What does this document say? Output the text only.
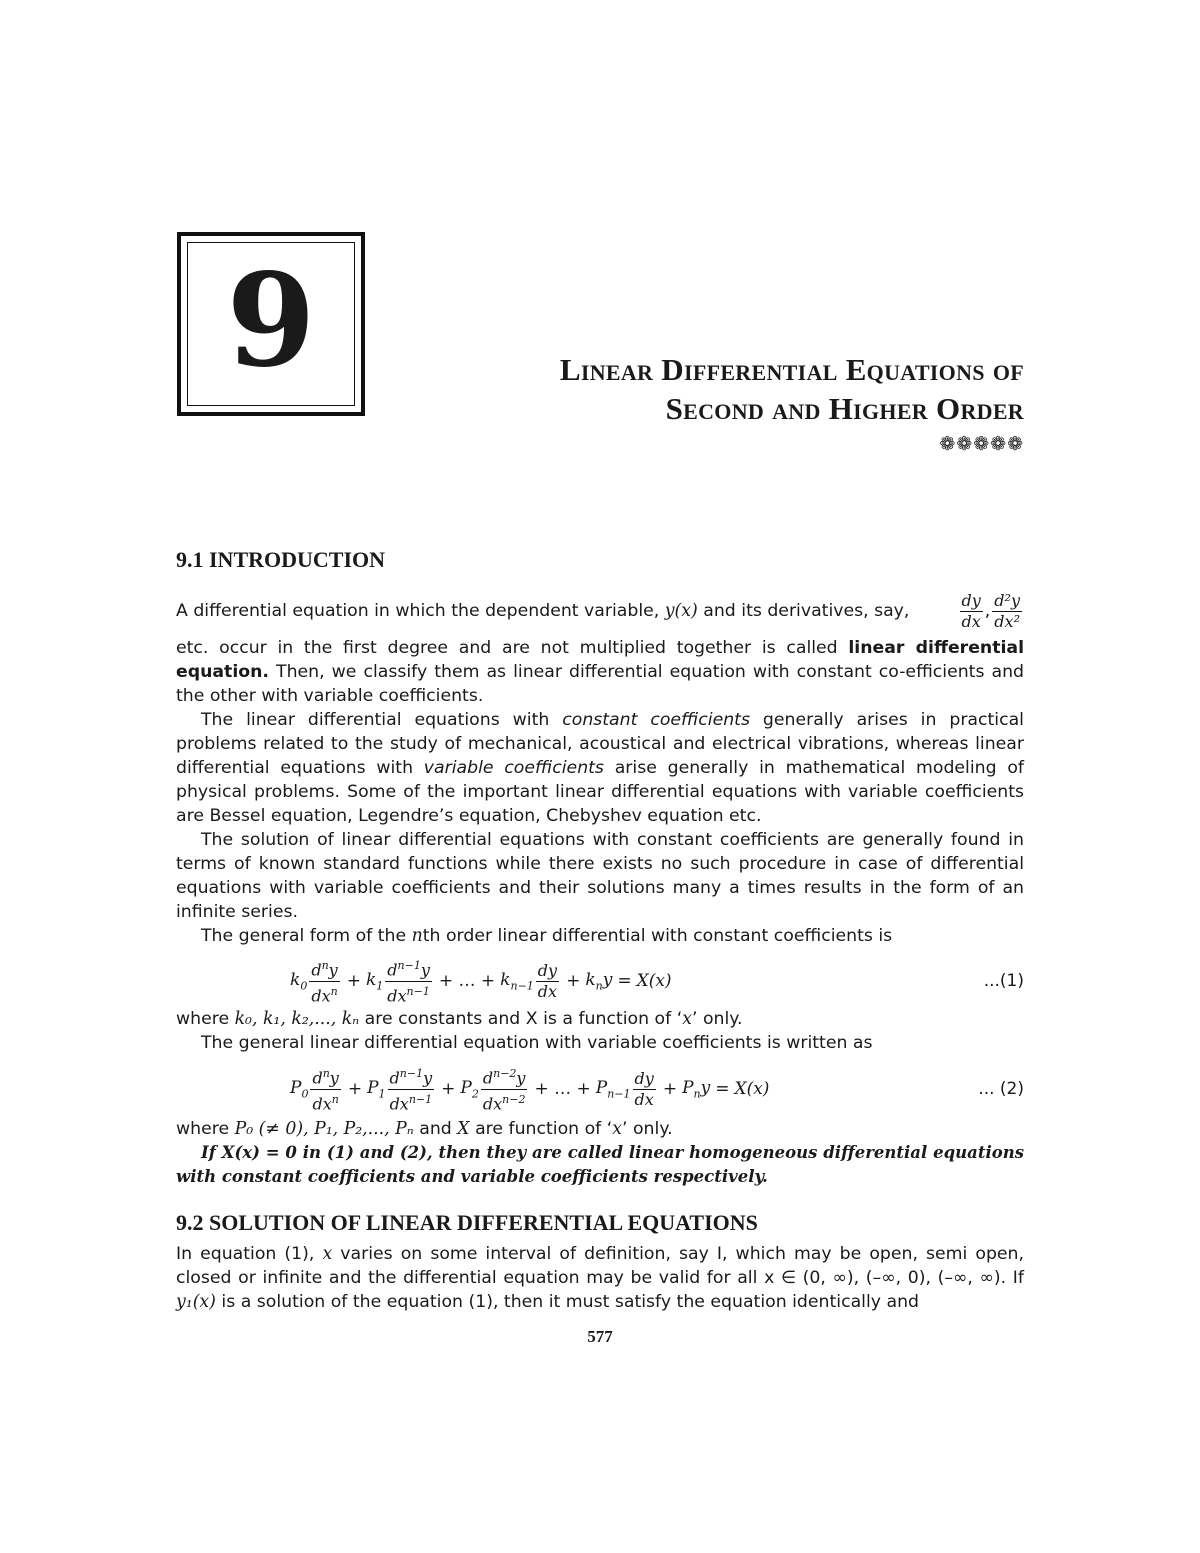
9	Linear Differential Equations of
Second and Higher Order
❁❁❁❁❁
9.1 INTRODUCTION
A differential equation in which the dependent variable, y(x) and its derivatives, say,	$\frac{dy}{dx}$ , $\frac{\text{d²y}}{\text{dx²}}$

etc. occur in the first degree and are not multiplied together is called linear differential equation. Then, we classify them as linear differential equation with constant co-efficients and the other with variable coefficients.

The linear differential equations with constant coefficients generally arises in practical problems related to the study of mechanical, acoustical and electrical vibrations, whereas linear differential equations with variable coefficients arise generally in mathematical modeling of physical problems. Some of the important linear differential equations with variable coefficients are Bessel equation, Legendre’s equation, Chebyshev equation etc.

The solution of linear differential equations with constant coefficients are generally found in terms of known standard functions while there exists no such procedure in case of differential equations with variable coefficients and their solutions many a times results in the form of an infinite series.

The general form of the nth order linear differential with constant coefficients is

$k_0 \frac{d^ny}{dx^n} + k_1 \frac{d^{n-1}y}{dx^{n-1}}$ + … + $k_{n-1} \frac{dy}{dx} + k_ny = X(x)$	...(1)

where k₀, k₁, k₂,..., kₙ are constants and X is a function of ‘x’ only.

The general linear differential equation with variable coefficients is written as

$P_0 \frac{d^ny}{dx^n} + P_1 \frac{d^{n-1}y}{dx^{n-1}} + P_2 \frac{d^{n-2}y}{dx^{n-2}}$ + … + $P_{n-1} \frac{dy}{dx} + P_ny = X(x)$	... (2)

where P₀ (≠ 0), P₁, P₂,..., Pₙ and X are function of ‘x’ only.

If X(x) = 0 in (1) and (2), then they are called linear homogeneous differential equations with constant coefficients and variable coefficients respectively.

9.2 SOLUTION OF LINEAR DIFFERENTIAL EQUATIONS

In equation (1), x varies on some interval of definition, say I, which may be open, semi open, closed or infinite and the differential equation may be valid for all x ∈ (0, ∞), (–∞, 0), (–∞, ∞). If y₁(x) is a solution of the equation (1), then it must satisfy the equation identically and

577
